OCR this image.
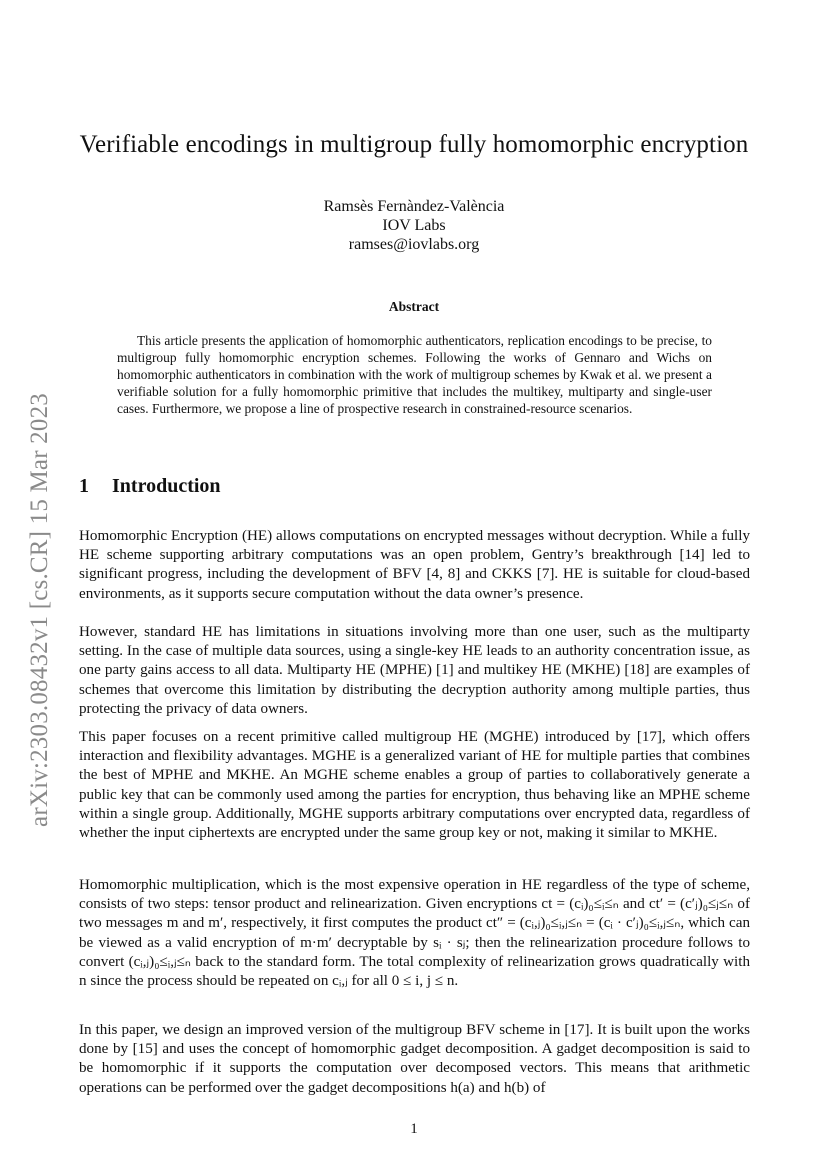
arXiv:2303.08432v1 [cs.CR] 15 Mar 2023
Verifiable encodings in multigroup fully homomorphic encryption
Ramsès Fernàndez-València
IOV Labs
ramses@iovlabs.org
Abstract

This article presents the application of homomorphic authenticators, replication encodings to be precise, to multigroup fully homomorphic encryption schemes. Following the works of Gennaro and Wichs on homomorphic authenticators in combination with the work of multigroup schemes by Kwak et al. we present a verifiable solution for a fully homomorphic primitive that includes the multikey, multiparty and single-user cases. Furthermore, we propose a line of prospective research in constrained-resource scenarios.

1 Introduction

Homomorphic Encryption (HE) allows computations on encrypted messages without decryption. While a fully HE scheme supporting arbitrary computations was an open problem, Gentry’s breakthrough [14] led to significant progress, including the development of BFV [4, 8] and CKKS [7]. HE is suitable for cloud-based environments, as it supports secure computation without the data owner’s presence.

However, standard HE has limitations in situations involving more than one user, such as the multiparty setting. In the case of multiple data sources, using a single-key HE leads to an authority concentration issue, as one party gains access to all data. Multiparty HE (MPHE) [1] and multikey HE (MKHE) [18] are examples of schemes that overcome this limitation by distributing the decryption authority among multiple parties, thus protecting the privacy of data owners.

This paper focuses on a recent primitive called multigroup HE (MGHE) introduced by [17], which offers interaction and flexibility advantages. MGHE is a generalized variant of HE for multiple parties that combines the best of MPHE and MKHE. An MGHE scheme enables a group of parties to collaboratively generate a public key that can be commonly used among the parties for encryption, thus behaving like an MPHE scheme within a single group. Additionally, MGHE supports arbitrary computations over encrypted data, regardless of whether the input ciphertexts are encrypted under the same group key or not, making it similar to MKHE.

Homomorphic multiplication, which is the most expensive operation in HE regardless of the type of scheme, consists of two steps: tensor product and relinearization. Given encryptions ct = (cᵢ)₀≤ᵢ≤ₙ and ct′ = (c′ⱼ)₀≤ⱼ≤ₙ of two messages m and m′, respectively, it first computes the product ct″ = (cᵢ,ⱼ)₀≤ᵢ,ⱼ≤ₙ = (cᵢ · c′ⱼ)₀≤ᵢ,ⱼ≤ₙ, which can be viewed as a valid encryption of m·m′ decryptable by sᵢ · sⱼ; then the relinearization procedure follows to convert (cᵢ,ⱼ)₀≤ᵢ,ⱼ≤ₙ back to the standard form. The total complexity of relinearization grows quadratically with n since the process should be repeated on cᵢ,ⱼ for all 0 ≤ i, j ≤ n.

In this paper, we design an improved version of the multigroup BFV scheme in [17]. It is built upon the works done by [15] and uses the concept of homomorphic gadget decomposition. A gadget decomposition is said to be homomorphic if it supports the computation over decomposed vectors. This means that arithmetic operations can be performed over the gadget decompositions h(a) and h(b) of

1
